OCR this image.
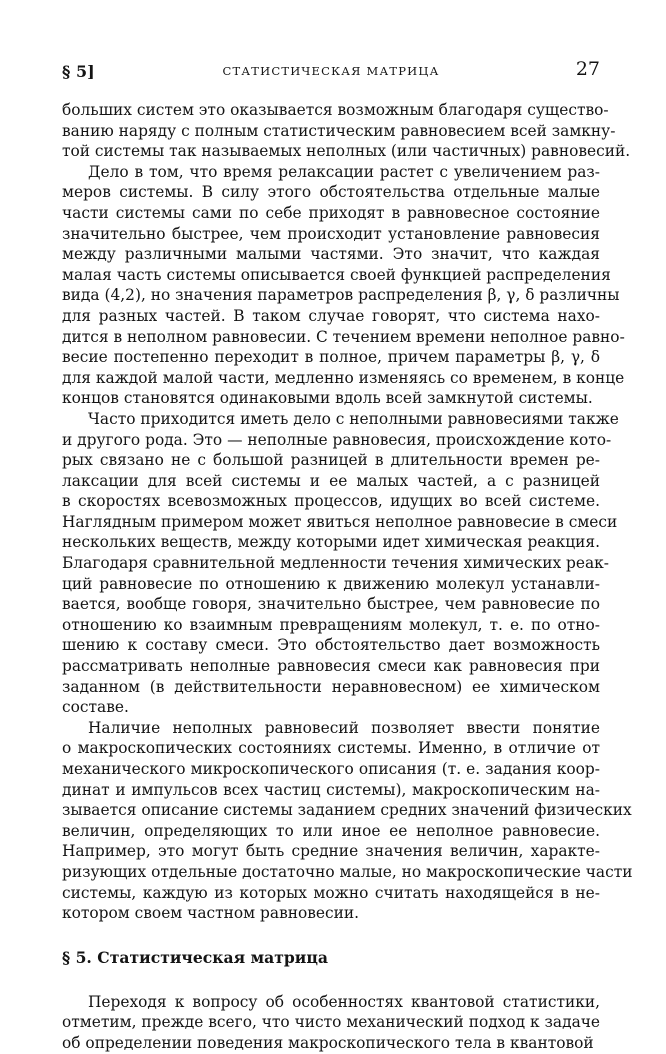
§ 5]	СТАТИСТИЧЕСКАЯ МАТРИЦА	27
больших систем это оказывается возможным благодаря существо-
ванию наряду с полным статистическим равновесием всей замкну-
той системы так называемых неполных (или частичных) равновесий.
Дело в том, что время релаксации растет с увеличением раз-
меров системы. В силу этого обстоятельства отдельные малые
части системы сами по себе приходят в равновесное состояние
значительно быстрее, чем происходит установление равновесия
между различными малыми частями. Это значит, что каждая
малая часть системы описывается своей функцией распределения
вида (4,2), но значения параметров распределения β, γ, δ различны
для разных частей. В таком случае говорят, что система нахо-
дится в неполном равновесии. С течением времени неполное равно-
весие постепенно переходит в полное, причем параметры β, γ, δ
для каждой малой части, медленно изменяясь со временем, в конце
концов становятся одинаковыми вдоль всей замкнутой системы.
Часто приходится иметь дело с неполными равновесиями также
и другого рода. Это — неполные равновесия, происхождение кото-
рых связано не с большой разницей в длительности времен ре-
лаксации для всей системы и ее малых частей, а с разницей
в скоростях всевозможных процессов, идущих во всей системе.
Наглядным примером может явиться неполное равновесие в смеси
нескольких веществ, между которыми идет химическая реакция.
Благодаря сравнительной медленности течения химических реак-
ций равновесие по отношению к движению молекул устанавли-
вается, вообще говоря, значительно быстрее, чем равновесие по
отношению ко взаимным превращениям молекул, т. е. по отно-
шению к составу смеси. Это обстоятельство дает возможность
рассматривать неполные равновесия смеси как равновесия при
заданном (в действительности неравновесном) ее химическом
составе.
Наличие неполных равновесий позволяет ввести понятие
о макроскопических состояниях системы. Именно, в отличие от
механического микроскопического описания (т. е. задания коор-
динат и импульсов всех частиц системы), макроскопическим на-
зывается описание системы заданием средних значений физических
величин, определяющих то или иное ее неполное равновесие.
Например, это могут быть средние значения величин, характе-
ризующих отдельные достаточно малые, но макроскопические части
системы, каждую из которых можно считать находящейся в не-
котором своем частном равновесии.
§ 5. Статистическая матрица
Переходя к вопросу об особенностях квантовой статистики,
отметим, прежде всего, что чисто механический подход к задаче
об определении поведения макроскопического тела в квантовой
